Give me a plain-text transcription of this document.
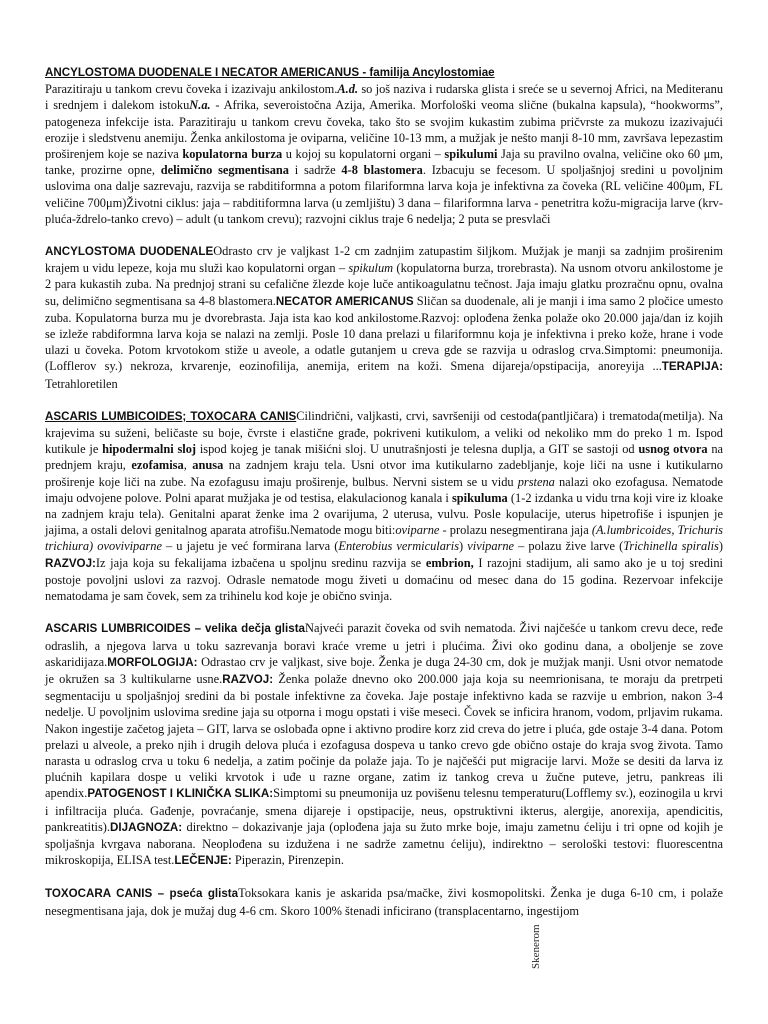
ANCYLOSTOMA DUODENALE I NECATOR AMERICANUS - familija Ancylostomiae
Parazitiraju u tankom crevu čoveka i izazivaju ankilostom.A.d. so još naziva i rudarska glista i sreće se u severnoj Africi, na Mediteranu i srednjem i dalekom istokuN.a. - Afrika, severoistočna Azija, Amerika. Morfološki veoma slične (bukalna kapsula), “hookworms”, patogeneza infekcije ista. Parazitiraju u tankom crevu čoveka, tako što se svojim kukastim zubima pričvrste za mukozu izazivajući erozije i sledstvenu anemiju. Ženka ankilostoma je oviparna, veličine 10-13 mm, a mužjak je nešto manji 8-10 mm, završava lepezastim proširenjem koje se naziva kopulatorna burza u kojoj su kopulatorni organi – spikulumi Jaja su pravilno ovalna, veličine oko 60 μm, tanke, prozirne opne, delimično segmentisana i sadrže 4-8 blastomera. Izbacuju se fecesom. U spoljašnjoj sredini u povoljnim uslovima ona dalje sazrevaju, razvija se rabditiformna a potom filariformna larva koja je infektivna za čoveka (RL veličine 400μm, FL veličine 700μm)Životni ciklus: jaja – rabditiformna larva (u zemljištu) 3 dana – filariformna larva - penetritra kožu-migracija larve (krv-pluća-ždrelo-tanko crevo) – adult (u tankom crevu); razvojni ciklus traje 6 nedelja; 2 puta se presvlači

ANCYLOSTOMA DUODENALEOdrasto crv je valjkast 1-2 cm zadnjim zatupastim šiljkom. Mužjak je manji sa zadnjim proširenim krajem u vidu lepeze, koja mu služi kao kopulatorni organ – spikulum (kopulatorna burza, trorebrasta). Na usnom otvoru ankilostome je 2 para kukastih zuba. Na prednjoj strani su cefalične žlezde koje luče antikoagulatnu tečnost. Jaja imaju glatku prozračnu opnu, ovalna su, delimično segmentisana sa 4-8 blastomera.NECATOR AMERICANUS Sličan sa duodenale, ali je manji i ima samo 2 pločice umesto zuba. Kopulatorna burza mu je dvorebrasta. Jaja ista kao kod ankilostome.Razvoj: oplođena ženka polaže oko 20.000 jaja/dan iz kojih se izleže rabdiformna larva koja se nalazi na zemlji. Posle 10 dana prelazi u filariformnu koja je infektivna i preko kože, hrane i vode ulazi u čoveka. Potom krvotokom stiže u aveole, a odatle gutanjem u creva gde se razvija u odraslog crva.Simptomi: pneumonija. (Lofflerov sy.) nekroza, krvarenje, eozinofilija, anemija, eritem na koži. Smena dijareja/opstipacija, anoreyija ...TERAPIJA: Tetrahloretilen

ASCARIS LUMBICOIDES; TOXOCARA CANISCilindrični, valjkasti, crvi, savršeniji od cestoda(pantljičara) i trematoda(metilja). Na krajevima su suženi, beličaste su boje, čvrste i elastične građe, pokriveni kutikulom, a veliki od nekoliko mm do preko 1 m. Ispod kutikule je hipodermalni sloj ispod kojeg je tanak mišićni sloj. U unutrašnjosti je telesna duplja, a GIT se sastoji od usnog otvora na prednjem kraju, ezofamisa, anusa na zadnjem kraju tela. Usni otvor ima kutikularno zadebljanje, koje liči na usne i kutikularno proširenje koje liči na zube. Na ezofagusu imaju proširenje, bulbus. Nervni sistem se u vidu prstena nalazi oko ezofagusa. Nematode imaju odvojene polove. Polni aparat mužjaka je od testisa, elakulacionog kanala i spikuluma (1-2 izdanka u vidu trna koji vire iz kloake na zadnjem kraju tela). Genitalni aparat ženke ima 2 ovarijuma, 2 uterusa, vulvu. Posle kopulacije, uterus hipetrofiše i ispunjen je jajima, a ostali delovi genitalnog aparata atrofišu.Nematode mogu biti:oviparne - prolazu nesegmentirana jaja (A.lumbricoides, Trichuris trichiura) ovoviviparne – u jajetu je već formirana larva (Enterobius vermicularis) viviparne – polazu žive larve (Trichinella spiralis) RAZVOJ:Iz jaja koja su fekalijama izbačena u spoljnu sredinu razvija se embrion, I razojni stadijum, ali samo ako je u toj sredini postoje povoljni uslovi za razvoj. Odrasle nematode mogu živeti u domaćinu od mesec dana do 15 godina. Rezervoar infekcije nematodama je sam čovek, sem za trihinelu kod koje je obično svinja.

ASCARIS LUMBRICOIDES – velika dečja glistaNajveći parazit čoveka od svih nematoda. Živi najčešće u tankom crevu dece, ređe odraslih, a njegova larva u toku sazrevanja boravi kraće vreme u jetri i plućima. Živi oko godinu dana, a oboljenje se zove askaridijaza.MORFOLOGIJA: Odrastao crv je valjkast, sive boje. Ženka je duga 24-30 cm, dok je mužjak manji. Usni otvor nematode je okružen sa 3 kultikularne usne.RAZVOJ: Ženka polaže dnevno oko 200.000 jaja koja su neemrionisana, te moraju da pretrpeti segmentaciju u spoljašnjoj sredini da bi postale infektivne za čoveka. Jaje postaje infektivno kada se razvije u embrion, nakon 3-4 nedelje. U povoljnim uslovima sredine jaja su otporna i mogu opstati i više meseci. Čovek se inficira hranom, vodom, prljavim rukama. Nakon ingestije začetog jajeta – GIT, larva se oslobađa opne i aktivno prodire korz zid creva do jetre i pluća, gde ostaje 3-4 dana. Potom prelazi u alveole, a preko njih i drugih delova pluća i ezofagusa dospeva u tanko crevo gde obično ostaje do kraja svog života. Tamo narasta u odraslog crva u toku 6 nedelja, a zatim počinje da polaže jaja. To je najčešći put migracije larvi. Može se desiti da larva iz plućnih kapilara dospe u veliki krvotok i uđe u razne organe, zatim iz tankog creva u žučne puteve, jetru, pankreas ili apendix.PATOGENOST I KLINIČKA SLIKA:Simptomi su pneumonija uz povišenu telesnu temperaturu(Lofflemy sv.), eozinogila u krvi i infiltracija pluća. Gađenje, povraćanje, smena dijareje i opstipacije, neus, opstruktivni ikterus, alergije, anorexija, apendicitis, pankreatitis).DIJAGNOZA: direktno – dokazivanje jaja (oplođena jaja su žuto mrke boje, imaju zametnu ćeliju i tri opne od kojih je spoljašnja kvrgava naborana. Neoplođena su izdužena i ne sadrže zametnu ćeliju), indirektno – serološki testovi: fluorescentna mikroskopija, ELISA test.LEČENJE: Piperazin, Pirenzepin.

TOXOCARA CANIS – pseća glistaToksokara kanis je askarida psa/mačke, živi kosmopolitski. Ženka je duga 6-10 cm, i polaže nesegmentisana jaja, dok je mužaj dug 4-6 cm. Skoro 100% štenadi inficirano (transplacentarno, ingestijom

Skenerom
